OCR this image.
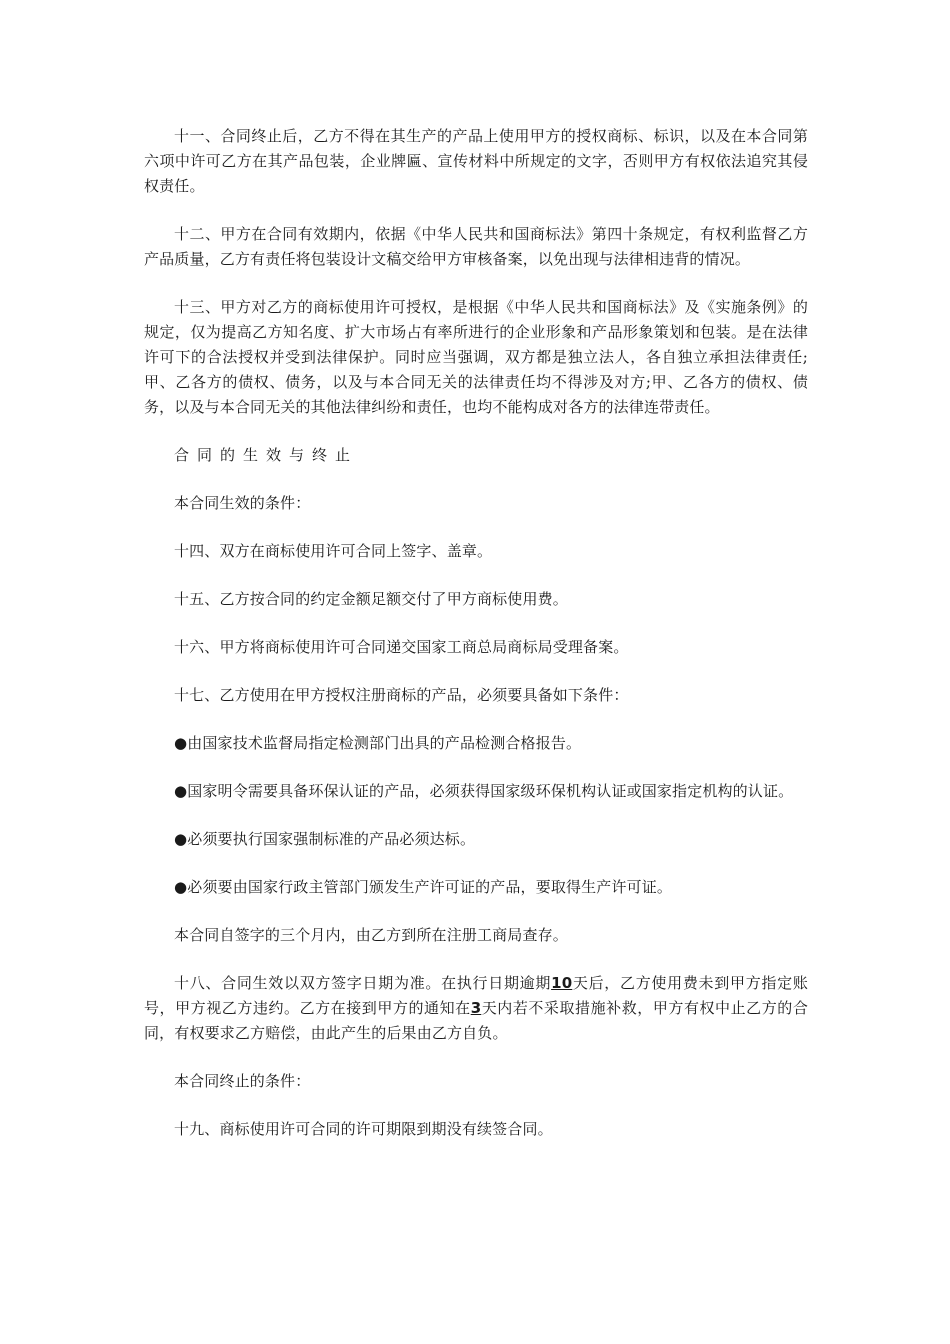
十一、合同终止后，乙方不得在其生产的产品上使用甲方的授权商标、标识，以及在本合同第六项中许可乙方在其产品包装，企业牌匾、宣传材料中所规定的文字，否则甲方有权依法追究其侵权责任。

十二、甲方在合同有效期内，依据《中华人民共和国商标法》第四十条规定，有权利监督乙方产品质量，乙方有责任将包装设计文稿交给甲方审核备案，以免出现与法律相违背的情况。

十三、甲方对乙方的商标使用许可授权，是根据《中华人民共和国商标法》及《实施条例》的规定，仅为提高乙方知名度、扩大市场占有率所进行的企业形象和产品形象策划和包装。是在法律许可下的合法授权并受到法律保护。同时应当强调，双方都是独立法人，各自独立承担法律责任;甲、乙各方的债权、债务，以及与本合同无关的法律责任均不得涉及对方;甲、乙各方的债权、债务，以及与本合同无关的其他法律纠纷和责任，也均不能构成对各方的法律连带责任。

合同的生效与终止

本合同生效的条件：

十四、双方在商标使用许可合同上签字、盖章。

十五、乙方按合同的约定金额足额交付了甲方商标使用费。

十六、甲方将商标使用许可合同递交国家工商总局商标局受理备案。

十七、乙方使用在甲方授权注册商标的产品，必须要具备如下条件：

●由国家技术监督局指定检测部门出具的产品检测合格报告。

●国家明令需要具备环保认证的产品，必须获得国家级环保机构认证或国家指定机构的认证。

●必须要执行国家强制标准的产品必须达标。

●必须要由国家行政主管部门颁发生产许可证的产品，要取得生产许可证。

本合同自签字的三个月内，由乙方到所在注册工商局查存。

十八、合同生效以双方签字日期为准。在执行日期逾期10天后，乙方使用费未到甲方指定账号，甲方视乙方违约。乙方在接到甲方的通知在3天内若不采取措施补救，甲方有权中止乙方的合同，有权要求乙方赔偿，由此产生的后果由乙方自负。

本合同终止的条件：

十九、商标使用许可合同的许可期限到期没有续签合同。
